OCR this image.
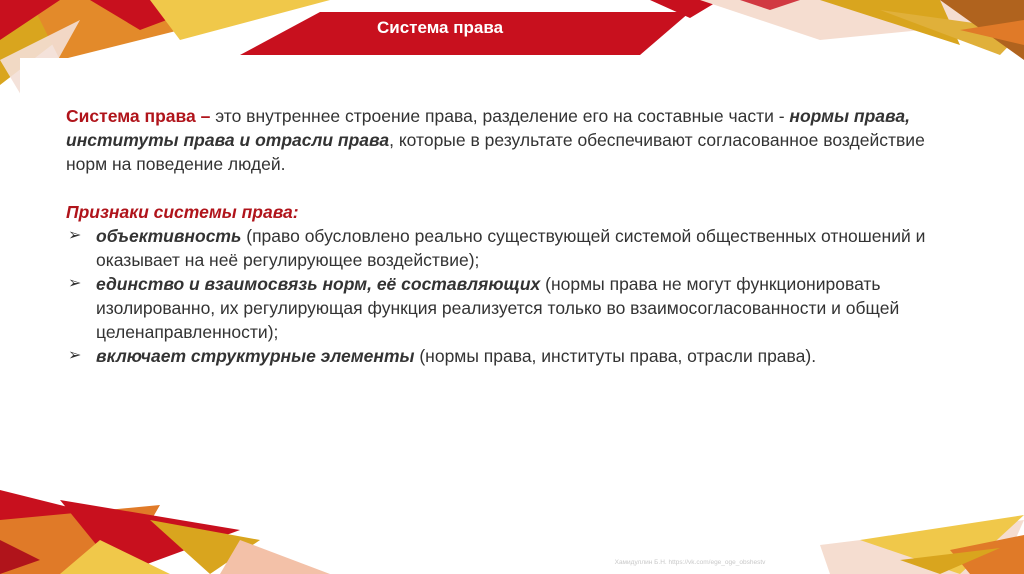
Система права

Система права – это внутреннее строение права, разделение его на составные части - нормы права, институты права и отрасли права, которые в результате обеспечивают согласованное воздействие норм на поведение людей.

Признаки системы права:

➢ объективность (право обусловлено реально существующей системой общественных отношений и оказывает на неё регулирующее воздействие);
➢ единство и взаимосвязь норм, её составляющих (нормы права не могут функционировать изолированно, их регулирующая функция реализуется только во взаимосогласованности и общей целенаправленности);
➢ включает структурные элементы (нормы права, институты права, отрасли права).
Хамидуллин Б.Н. https://vk.com/ege_oge_obshestv
